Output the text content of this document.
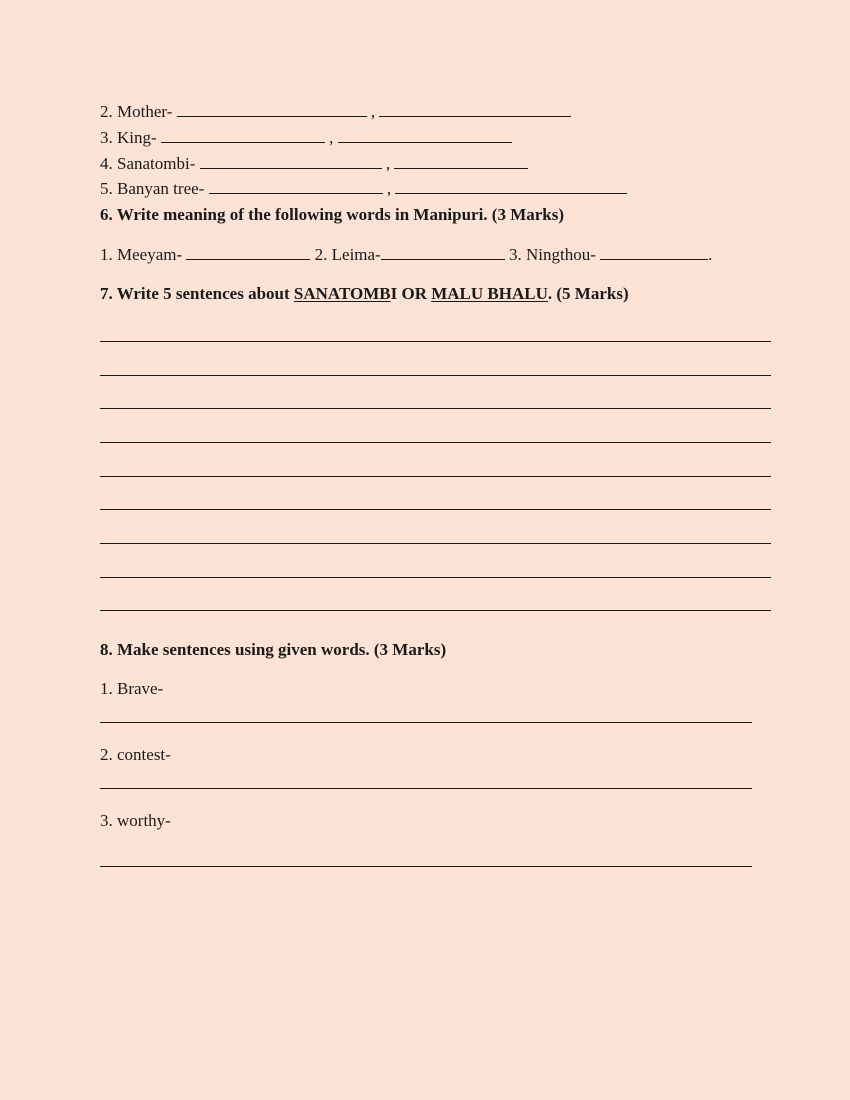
2. Mother-	,
3. King-	,
4. Sanatombi-	,
5. Banyan tree-	,
6. Write meaning of the following words in Manipuri. (3 Marks)
1. Meeyam-	2. Leima-	3. Ningthou-	.
7. Write 5 sentences about SANATOMBI OR MALU BHALU. (5 Marks)
8. Make sentences using given words. (3 Marks)
1. Brave-
2. contest-
3. worthy-
